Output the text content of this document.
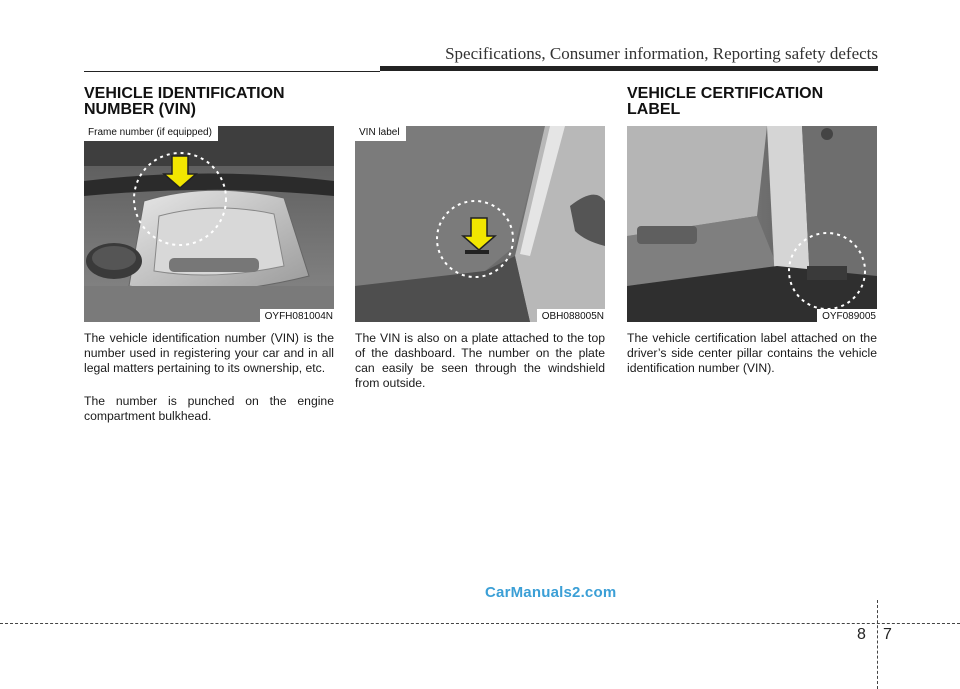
Specifications, Consumer information, Reporting safety defects
VEHICLE IDENTIFICATION
NUMBER (VIN)
Frame number (if equipped)
OYFH081004N

The vehicle identification number (VIN) is the number used in registering your car and in all legal matters pertaining to its ownership, etc.

The number is punched on the engine compartment bulkhead.

VIN label
OBH088005N

The VIN is also on a plate attached to the top of the dashboard. The number on the plate can easily be seen through the windshield from outside.

VEHICLE CERTIFICATION
LABEL
OYF089005

The vehicle certification label attached on the driver’s side center pillar contains the vehicle identification number (VIN).

CarManuals2.com
8 7
